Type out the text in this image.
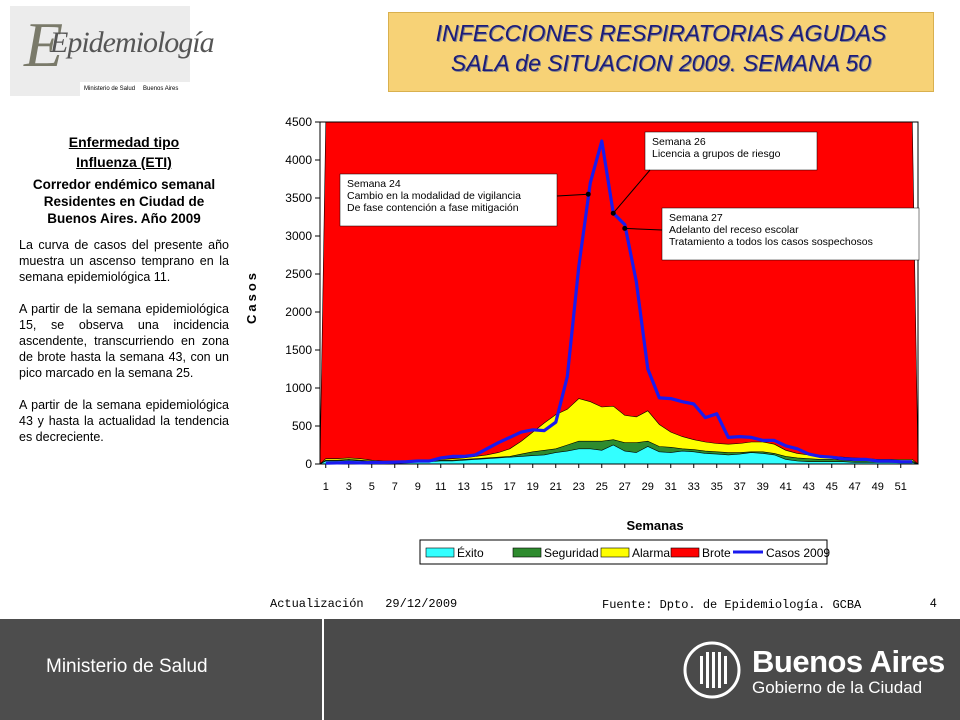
E
Epidemiología
Ministerio de Salud Buenos Aires
INFECCIONES RESPIRATORIAS AGUDAS
SALA de SITUACION 2009. SEMANA 50
Enfermedad tipo
Influenza (ETI)
Corredor endémico semanal
Residentes en Ciudad de Buenos Aires. Año 2009
La curva de casos del presente año muestra un ascenso temprano en la semana epidemiológica 11.
A partir de la semana epidemiológica 15, se observa una incidencia ascendente, transcurriendo en zona de brote hasta la semana 43, con un pico marcado en la semana 25.
A partir de la semana epidemiológica 43 y hasta la actualidad la tendencia es decreciente.
0
500
1000
1500
2000
2500
3000
3500
4000
4500
1 3 5 7 9 11 13 15 17 19 21 23 25 27 29 31 33 35 37 39 41 43 45 47 49 51
Semanas
Casos
Semana 26
Licencia a grupos de riesgo
Semana 24
Cambio en la modalidad de vigilancia
De fase contención a fase mitigación
Semana 27
Adelanto del receso escolar
Tratamiento a todos los casos sospechosos
Éxito	Seguridad	Alarma	Brote	Casos 2009
Actualización   29/12/2009	Fuente: Dpto. de Epidemiología. GCBA	4
Ministerio de Salud	Buenos Aires
Gobierno de la Ciudad
